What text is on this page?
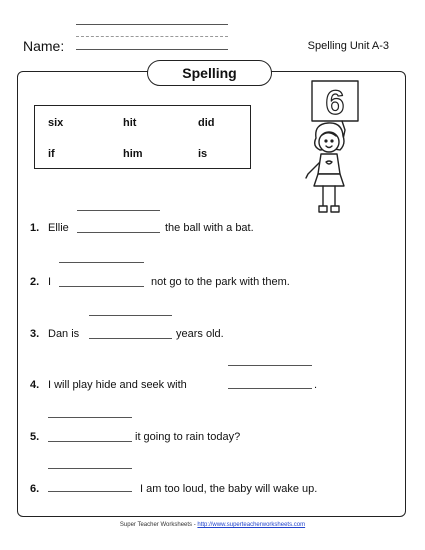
Name:	Spelling Unit A-3
Spelling
six	hit	did
if	him	is
6
1. Ellie	the ball with a bat.
2. I	not go to the park with them.
3. Dan is	years old.
4. I will play hide and seek with	.
5.	it going to rain today?
6.	I am too loud, the baby will wake up.
Super Teacher Worksheets - http://www.superteacherworksheets.com
